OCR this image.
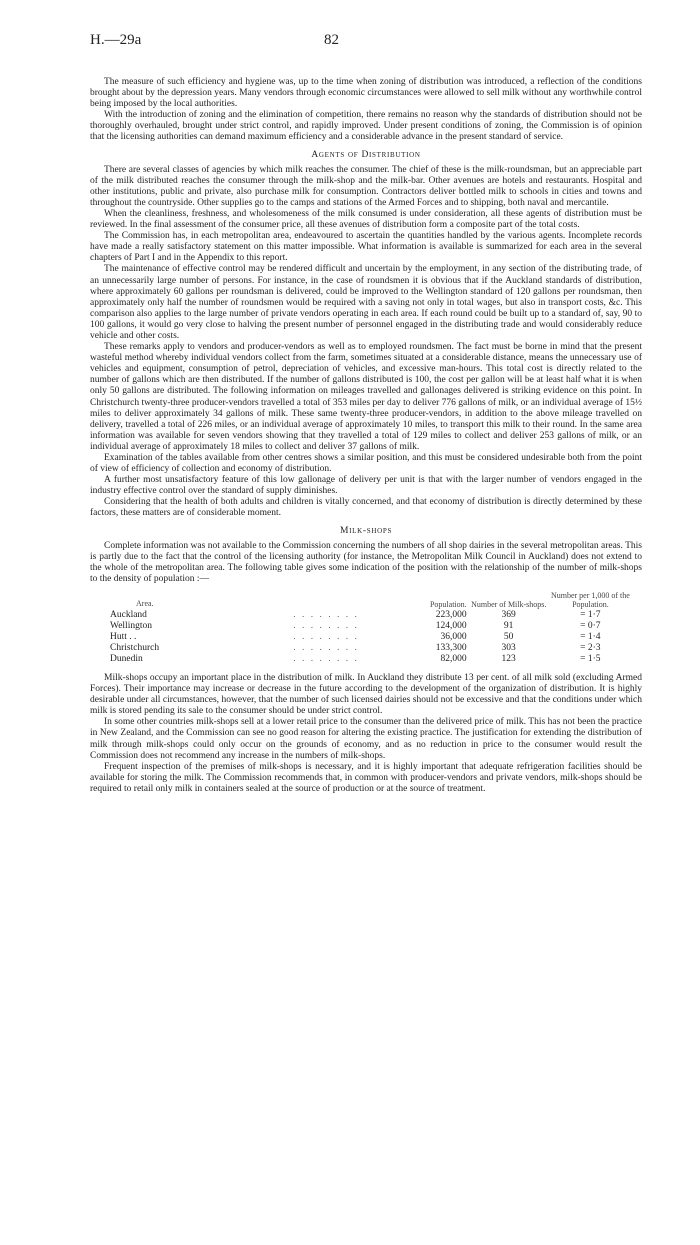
H.—29a	82

The measure of such efficiency and hygiene was, up to the time when zoning of distribution was introduced, a reflection of the conditions brought about by the depression years. Many vendors through economic circumstances were allowed to sell milk without any worthwhile control being imposed by the local authorities.

With the introduction of zoning and the elimination of competition, there remains no reason why the standards of distribution should not be thoroughly overhauled, brought under strict control, and rapidly improved. Under present conditions of zoning, the Commission is of opinion that the licensing authorities can demand maximum efficiency and a considerable advance in the present standard of service.

Agents of Distribution

There are several classes of agencies by which milk reaches the consumer. The chief of these is the milk-roundsman, but an appreciable part of the milk distributed reaches the consumer through the milk-shop and the milk-bar. Other avenues are hotels and restaurants. Hospital and other institutions, public and private, also purchase milk for consumption. Contractors deliver bottled milk to schools in cities and towns and throughout the countryside. Other supplies go to the camps and stations of the Armed Forces and to shipping, both naval and mercantile.

When the cleanliness, freshness, and wholesomeness of the milk consumed is under consideration, all these agents of distribution must be reviewed. In the final assessment of the consumer price, all these avenues of distribution form a composite part of the total costs.

The Commission has, in each metropolitan area, endeavoured to ascertain the quantities handled by the various agents. Incomplete records have made a really satisfactory statement on this matter impossible. What information is available is summarized for each area in the several chapters of Part I and in the Appendix to this report.

The maintenance of effective control may be rendered difficult and uncertain by the employment, in any section of the distributing trade, of an unnecessarily large number of persons. For instance, in the case of roundsmen it is obvious that if the Auckland standards of distribution, where approximately 60 gallons per roundsman is delivered, could be improved to the Wellington standard of 120 gallons per roundsman, then approximately only half the number of roundsmen would be required with a saving not only in total wages, but also in transport costs, &c. This comparison also applies to the large number of private vendors operating in each area. If each round could be built up to a standard of, say, 90 to 100 gallons, it would go very close to halving the present number of personnel engaged in the distributing trade and would considerably reduce vehicle and other costs.

These remarks apply to vendors and producer-vendors as well as to employed roundsmen. The fact must be borne in mind that the present wasteful method whereby individual vendors collect from the farm, sometimes situated at a considerable distance, means the unnecessary use of vehicles and equipment, consumption of petrol, depreciation of vehicles, and excessive man-hours. This total cost is directly related to the number of gallons which are then distributed. If the number of gallons distributed is 100, the cost per gallon will be at least half what it is when only 50 gallons are distributed. The following information on mileages travelled and gallonages delivered is striking evidence on this point. In Christchurch twenty-three producer-vendors travelled a total of 353 miles per day to deliver 776 gallons of milk, or an individual average of 15½ miles to deliver approximately 34 gallons of milk. These same twenty-three producer-vendors, in addition to the above mileage travelled on delivery, travelled a total of 226 miles, or an individual average of approximately 10 miles, to transport this milk to their round. In the same area information was available for seven vendors showing that they travelled a total of 129 miles to collect and deliver 253 gallons of milk, or an individual average of approximately 18 miles to collect and deliver 37 gallons of milk.

Examination of the tables available from other centres shows a similar position, and this must be considered undesirable both from the point of view of efficiency of collection and economy of distribution.

A further most unsatisfactory feature of this low gallonage of delivery per unit is that with the larger number of vendors engaged in the industry effective control over the standard of supply diminishes.

Considering that the health of both adults and children is vitally concerned, and that economy of distribution is directly determined by these factors, these matters are of considerable moment.

Milk-shops

Complete information was not available to the Commission concerning the numbers of all shop dairies in the several metropolitan areas. This is partly due to the fact that the control of the licensing authority (for instance, the Metropolitan Milk Council in Auckland) does not extend to the whole of the metropolitan area. The following table gives some indication of the position with the relationship of the number of milk-shops to the density of population :—

Area.	Population. Number of Milk-shops.
Number per 1,000 of the Population.
Auckland	. . . . . . . .	223,000	369	= 1·7
Wellington	. . . . . . . .	124,000	91	= 0·7
Hutt . .	. . . . . . . .	36,000	50	= 1·4
Christchurch	. . . . . . . .	133,300	303	= 2·3
Dunedin	. . . . . . . .	82,000	123	= 1·5

Milk-shops occupy an important place in the distribution of milk. In Auckland they distribute 13 per cent. of all milk sold (excluding Armed Forces). Their importance may increase or decrease in the future according to the development of the organization of distribution. It is highly desirable under all circumstances, however, that the number of such licensed dairies should not be excessive and that the conditions under which milk is stored pending its sale to the consumer should be under strict control.

In some other countries milk-shops sell at a lower retail price to the consumer than the delivered price of milk. This has not been the practice in New Zealand, and the Commission can see no good reason for altering the existing practice. The justification for extending the distribution of milk through milk-shops could only occur on the grounds of economy, and as no reduction in price to the consumer would result the Commission does not recommend any increase in the numbers of milk-shops.

Frequent inspection of the premises of milk-shops is necessary, and it is highly important that adequate refrigeration facilities should be available for storing the milk. The Commission recommends that, in common with producer-vendors and private vendors, milk-shops should be required to retail only milk in containers sealed at the source of production or at the source of treatment.
